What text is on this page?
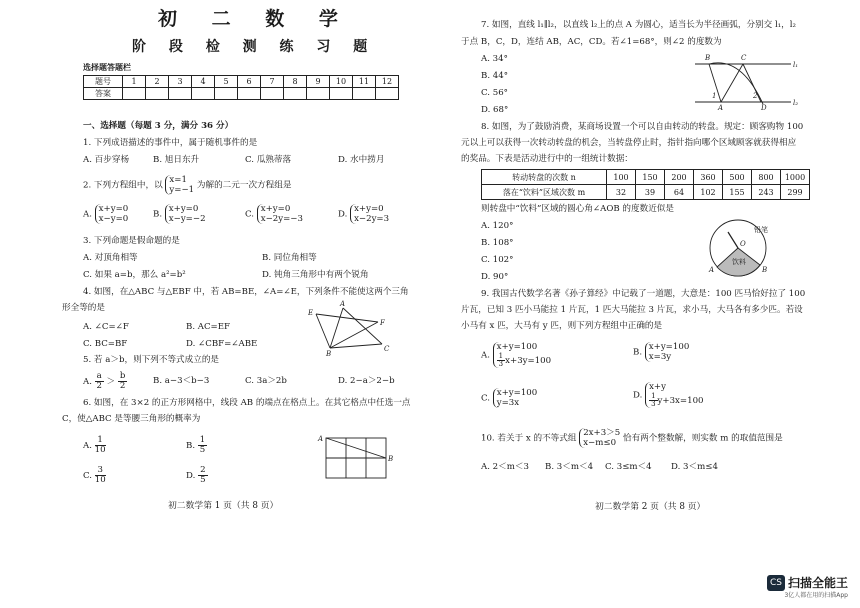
初 二 数 学
阶 段 检 测 练 习 题
选择题答题栏
题号	1	2	3	4	5	6	7	8	9	10	11	12
答案												
一、选择题（每题 3 分，满分 36 分）
1. 下列成语描述的事件中，属于随机事件的是
A. 百步穿杨	B. 旭日东升	C. 瓜熟蒂落	D. 水中捞月
2. 下列方程组中，以 x=1
y=−1 为解的二元一次方程组是
A. x+y=0
x−y=0	B. x+y=0
x−y=−2	C. x+y=0
x−2y=−3	D. x+y=0
x−2y=3
3. 下列命题是假命题的是
A. 对顶角相等	B. 同位角相等
C. 如果 a=b，那么 a²=b²	D. 钝角三角形中有两个锐角
4. 如图，在△ABC 与△EBF 中，若 AB=BE，∠A=∠E，下列条件不能使这两个三角
形全等的是
A. ∠C=∠F	B. AC=EF
C. BC=BF	D. ∠CBF=∠ABE
A
E
F
B
C
5. 若 a＞b，则下列不等式成立的是
A. $\frac{a}{2} > \frac{b}{2}$	B. a−3＜b−3	C. 3a＞2b	D. 2−a＞2−b
6. 如图，在 3×2 的正方形网格中，线段 AB 的端点在格点上。在其它格点中任选一点
C，使△ABC 是等腰三角形的概率为
A. $\frac{1}{10}$	B. $\frac{1}{5}$
C. $\frac{3}{10}$	D. $\frac{2}{5}$
A
B
初二数学第 1 页（共 8 页）
7. 如图，直线 l₁∥l₂，以直线 l₂上的点 A 为圆心，适当长为半径画弧，分别交 l₁，l₂
于点 B，C，D，连结 AB，AC，CD。若∠1=68°，则∠2 的度数为
A. 34°
B. 44°
C. 56°
D. 68°
B	C
l₁
1	2
A	D
l₂
8. 如图，为了鼓励消费，某商场设置一个可以自由转动的转盘。规定：顾客购物 100
元以上可以获得一次转动转盘的机会，当转盘停止时，指针指向哪个区域顾客就获得相应
的奖品。下表是活动进行中的一组统计数据：
转动转盘的次数 n	100	150	200	360	500	800	1000
落在“饮料”区域次数 m	32	39	64	102	155	243	299
则转盘中“饮料”区域的圆心角∠AOB 的度数近似是
A. 120°
B. 108°
C. 102°
D. 90°
铅笔
O
饮料
A	B
9. 我国古代数学名著《孙子算经》中记载了一道题，大意是：100 匹马恰好拉了 100
片瓦，已知 3 匹小马能拉 1 片瓦，1 匹大马能拉 3 片瓦，求小马，大马各有多少匹。若设
小马有 x 匹，大马有 y 匹，则下列方程组中正确的是
A. x+y=100

$\frac{1}{3} x+3y=100$
B. x+y=100
x=3y
C. x+y=100
y=3x
D. x+y

$\frac{1}{3} y+3x=100$
10. 若关于 x 的不等式组 2x+3＞5
x−m≤0 恰有两个整数解，则实数 m 的取值范围是
A. 2＜m＜3 B. 3＜m＜4 C. 3≤m＜4 D. 3＜m≤4
初二数学第 2 页（共 8 页）
CS 扫描全能王
3亿人都在用的扫描App
